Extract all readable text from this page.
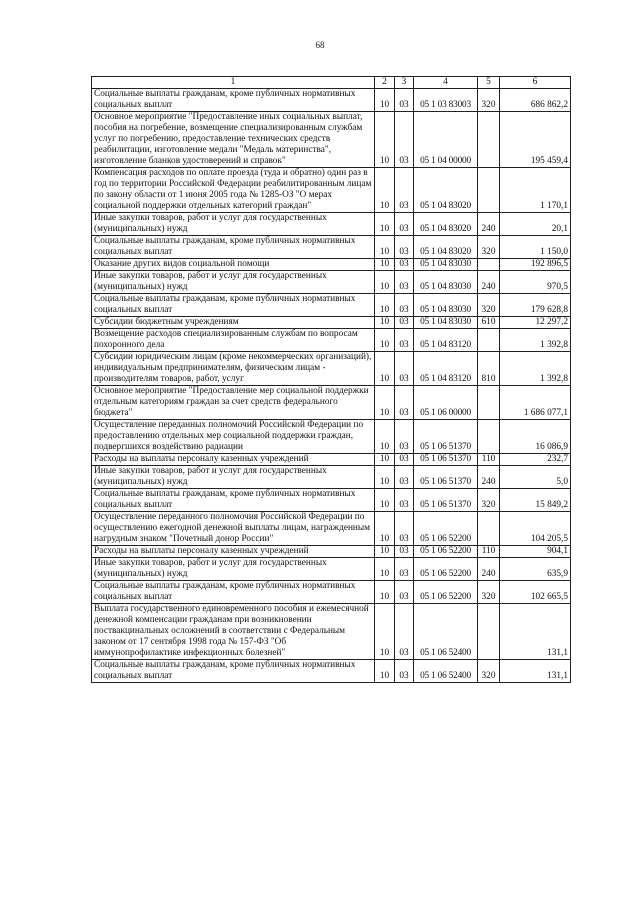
68
1	2	3	4	5	6
Социальные выплаты гражданам, кроме публичных нормативных социальных выплат	10	03	05 1 03 83003	320	686 862,2
Основное мероприятие "Предоставление иных социальных выплат, пособия на погребение, возмещение специализированным службам услуг по погребению, предоставление технических средств реабилитации, изготовление медали "Медаль материнства", изготовление бланков удостоверений и справок"	10	03	05 1 04 00000		195 459,4
Компенсация расходов по оплате проезда (туда и обратно) один раз в год по территории Российской Федерации реабилитированным лицам по закону области от 1 июня 2005 года № 1285-ОЗ "О мерах социальной поддержки отдельных категорий граждан"	10	03	05 1 04 83020		1 170,1
Иные закупки товаров, работ и услуг для государственных (муниципальных) нужд	10	03	05 1 04 83020	240	20,1
Социальные выплаты гражданам, кроме публичных нормативных социальных выплат	10	03	05 1 04 83020	320	1 150,0
Оказание других видов социальной помощи	10	03	05 1 04 83030		192 896,5
Иные закупки товаров, работ и услуг для государственных (муниципальных) нужд	10	03	05 1 04 83030	240	970,5
Социальные выплаты гражданам, кроме публичных нормативных социальных выплат	10	03	05 1 04 83030	320	179 628,8
Субсидии бюджетным учреждениям	10	03	05 1 04 83030	610	12 297,2
Возмещение расходов специализированным службам по вопросам похоронного дела	10	03	05 1 04 83120		1 392,8
Субсидии юридическим лицам (кроме некоммерческих организаций), индивидуальным предпринимателям, физическим лицам - производителям товаров, работ, услуг	10	03	05 1 04 83120	810	1 392,8
Основное мероприятие "Предоставление мер социальной поддержки отдельным категориям граждан за счет средств федерального бюджета"	10	03	05 1 06 00000		1 686 077,1
Осуществление переданных полномочий Российской Федерации по предоставлению отдельных мер социальной поддержки граждан, подвергшихся воздействию радиации	10	03	05 1 06 51370		16 086,9
Расходы на выплаты персоналу казенных учреждений	10	03	05 1 06 51370	110	232,7
Иные закупки товаров, работ и услуг для государственных (муниципальных) нужд	10	03	05 1 06 51370	240	5,0
Социальные выплаты гражданам, кроме публичных нормативных социальных выплат	10	03	05 1 06 51370	320	15 849,2
Осуществление переданного полномочия Российской Федерации по осуществлению ежегодной денежной выплаты лицам, награжденным нагрудным знаком "Почетный донор России"	10	03	05 1 06 52200		104 205,5
Расходы на выплаты персоналу казенных учреждений	10	03	05 1 06 52200	110	904,1
Иные закупки товаров, работ и услуг для государственных (муниципальных) нужд	10	03	05 1 06 52200	240	635,9
Социальные выплаты гражданам, кроме публичных нормативных социальных выплат	10	03	05 1 06 52200	320	102 665,5
Выплата государственного единовременного пособия и ежемесячной денежной компенсации гражданам при возникновении поствакцинальных осложнений в соответствии с Федеральным законом от 17 сентября 1998 года № 157-ФЗ "Об иммунопрофилактике инфекционных болезней"	10	03	05 1 06 52400		131,1
Социальные выплаты гражданам, кроме публичных нормативных социальных выплат	10	03	05 1 06 52400	320	131,1
